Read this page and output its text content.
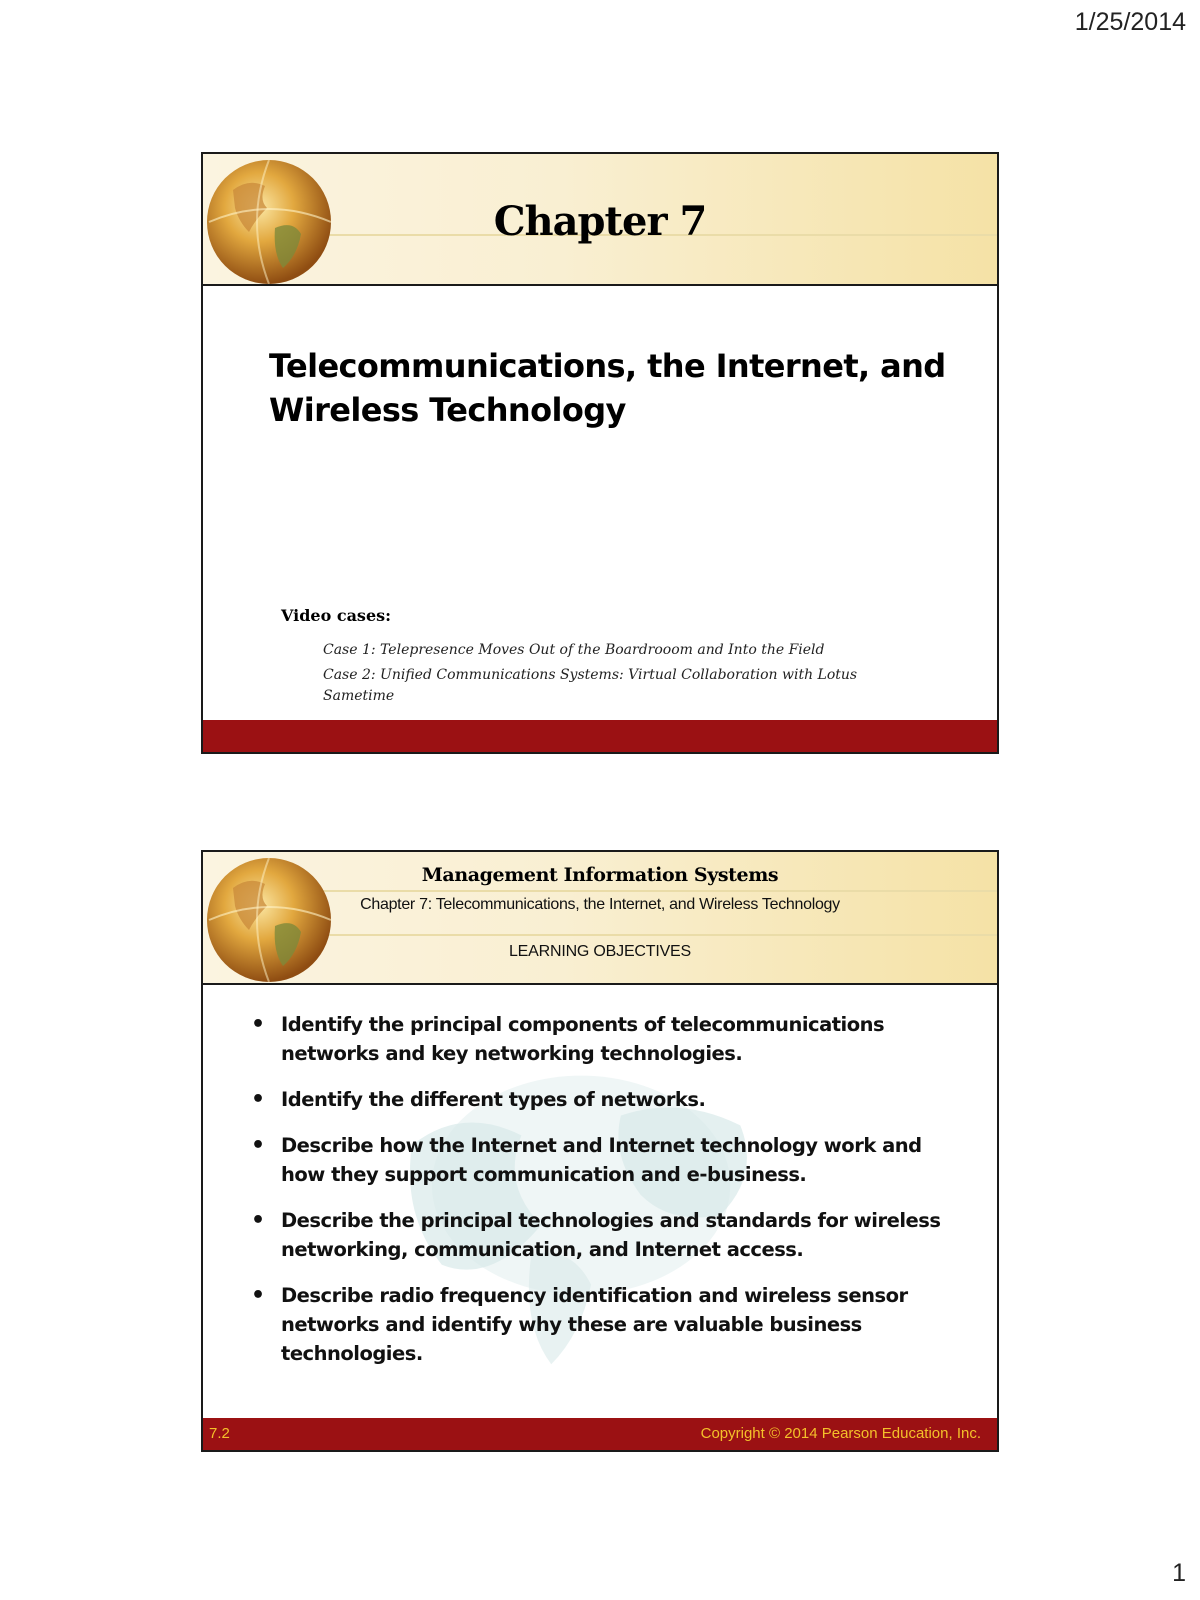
1/25/2014
Chapter 7
Telecommunications, the Internet, and
Wireless Technology
Video cases:
Case 1: Telepresence Moves Out of the Boardrooom and Into the Field
Case 2: Unified Communications Systems: Virtual Collaboration with Lotus Sametime
Management Information Systems
Chapter 7: Telecommunications, the Internet, and Wireless Technology
LEARNING OBJECTIVES
• Identify the principal components of telecommunications networks and key networking technologies.
• Identify the different types of networks.
• Describe how the Internet and Internet technology work and how they support communication and e-business.
• Describe the principal technologies and standards for wireless networking, communication, and Internet access.
• Describe radio frequency identification and wireless sensor networks and identify why these are valuable business technologies.
7.2	Copyright © 2014 Pearson Education, Inc.
1
